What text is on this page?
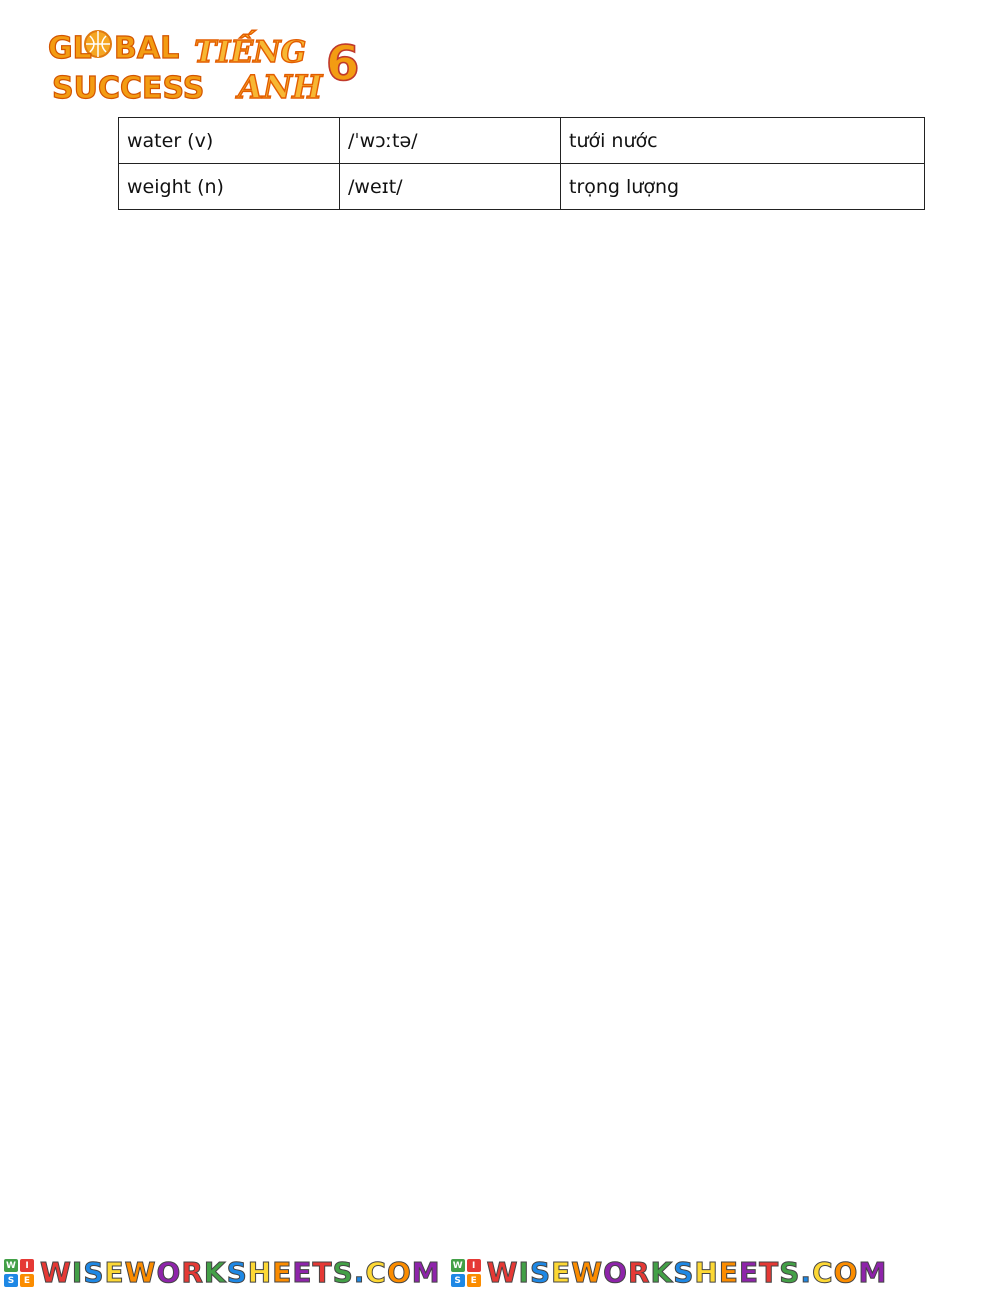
GL BAL
SUCCESS
TIẾNG
ANH 6
water (v)	/ˈwɔːtə/	tưới nước
weight (n)	/weɪt/	trọng lượng
W	I
S	E WISEWORKSHEETS.COM W	I
S	E WISEWORKSHEETS.COM
